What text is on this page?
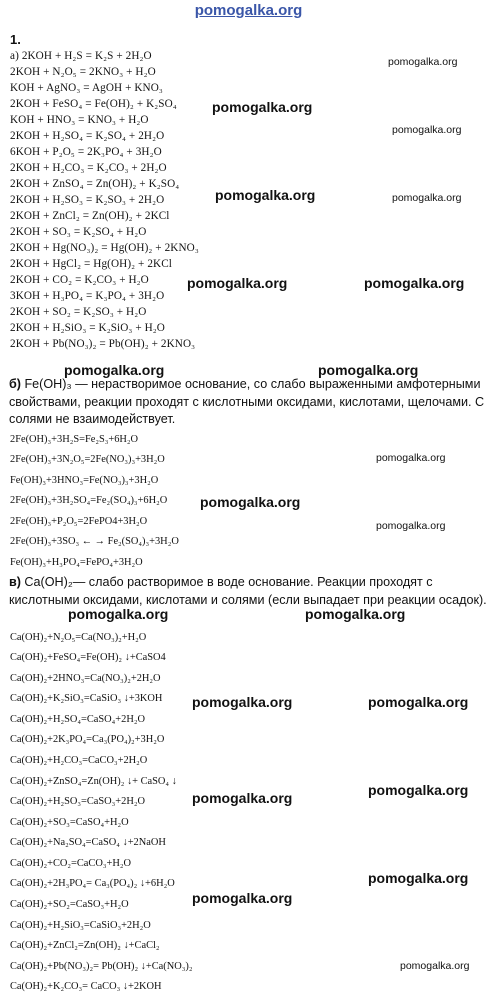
pomogalka.org
1.
а) 2KOH + H₂S = K₂S + 2H₂O
2KOH + N₂O₅ = 2KNO₃ + H₂O
KOH + AgNO₃ = AgOH + KNO₃
2KOH + FeSO₄ = Fe(OH)₂ + K₂SO₄
KOH + HNO₃ = KNO₃ + H₂O
2KOH + H₂SO₄ = K₂SO₄ + 2H₂O
6KOH + P₂O₅ = 2K₃PO₄ + 3H₂O
2KOH + H₂CO₃ = K₂CO₃ + 2H₂O
2KOH + ZnSO₄ = Zn(OH)₂ + K₂SO₄
2KOH + H₂SO₃ = K₂SO₃ + 2H₂O
2KOH + ZnCl₂ = Zn(OH)₂ + 2KCl
2KOH + SO₃ = K₂SO₄ + H₂O
2KOH + Hg(NO₃)₂ = Hg(OH)₂ + 2KNO₃
2KOH + HgCl₂ = Hg(OH)₂ + 2KCl
2KOH + CO₂ = K₂CO₃ + H₂O
3KOH + H₃PO₄ = K₃PO₄ + 3H₂O
2KOH + SO₂ = K₂SO₃ + H₂O
2KOH + H₂SiO₃ = K₂SiO₃ + H₂O
2KOH + Pb(NO₃)₂ = Pb(OH)₂ + 2KNO₃
б) Fe(OH)₃ — нерастворимое основание, со слабо выраженными амфотерными свойствами, реакции проходят с кислотными оксидами, кислотами, щелочами. С солями не взаимодействует.
2Fe(OH)₃+3H₂S=Fe₂S₃+6H₂O
2Fe(OH)₃+3N₂O₅=2Fe(NO₃)₃+3H₂O
Fe(OH)₃+3HNO₃=Fe(NO₃)₃+3H₂O
2Fe(OH)₃+3H₂SO₄=Fe₂(SO₄)₃+6H₂O
2Fe(OH)₃+P₂O₅=2FePO4+3H₂O
2Fe(OH)₃+3SO₃ ← → Fe₂(SO₄)₃+3H₂O
Fe(OH)₃+H₃PO₄=FePO₄+3H₂O
в) Ca(OH)₂— слабо растворимое в воде основание. Реакции проходят с кислотными оксидами, кислотами и солями (если выпадает при реакции осадок).
Ca(OH)₂+N₂O₅=Ca(NO₃)₂+H₂O
Ca(OH)₂+FeSO₄=Fe(OH)₂ ↓+CaSO4
Ca(OH)₂+2HNO₃=Ca(NO₃)₂+2H₂O
Ca(OH)₂+K₂SiO₃=CaSiO₃ ↓+3KOH
Ca(OH)₂+H₂SO₄=CaSO₄+2H₂O
Ca(OH)₂+2K₃PO₄=Ca₃(PO₄)₂+3H₂O
Ca(OH)₂+H₂CO₃=CaCO₃+2H₂O
Ca(OH)₂+ZnSO₄=Zn(OH)₂ ↓+ CaSO₄ ↓
Ca(OH)₂+H₂SO₃=CaSO₃+2H₂O
Ca(OH)₂+SO₃=CaSO₄+H₂O
Ca(OH)₂+Na₂SO₄=CaSO₄ ↓+2NaOH
Ca(OH)₂+CO₂=CaCO₃+H₂O
Ca(OH)₂+2H₃PO₄= Ca₃(PO₄)₂ ↓+6H₂O
Ca(OH)₂+SO₂=CaSO₃+H₂O
Ca(OH)₂+H₂SiO₃=CaSiO₃+2H₂O
Ca(OH)₂+ZnCl₂=Zn(OH)₂ ↓+CaCl₂
Ca(OH)₂+Pb(NO₃)₂= Pb(OH)₂ ↓+Ca(NO₃)₂
Ca(OH)₂+K₂CO₃= CaCO₃ ↓+2KOH
pomogalka.org
pomogalka.org
pomogalka.org
pomogalka.org	pomogalka.org
pomogalka.org	pomogalka.org
pomogalka.org	pomogalka.org
pomogalka.org
pomogalka.org
pomogalka.org
pomogalka.org	pomogalka.org
pomogalka.org	pomogalka.org
pomogalka.org
pomogalka.org
pomogalka.org
pomogalka.org
pomogalka.org
